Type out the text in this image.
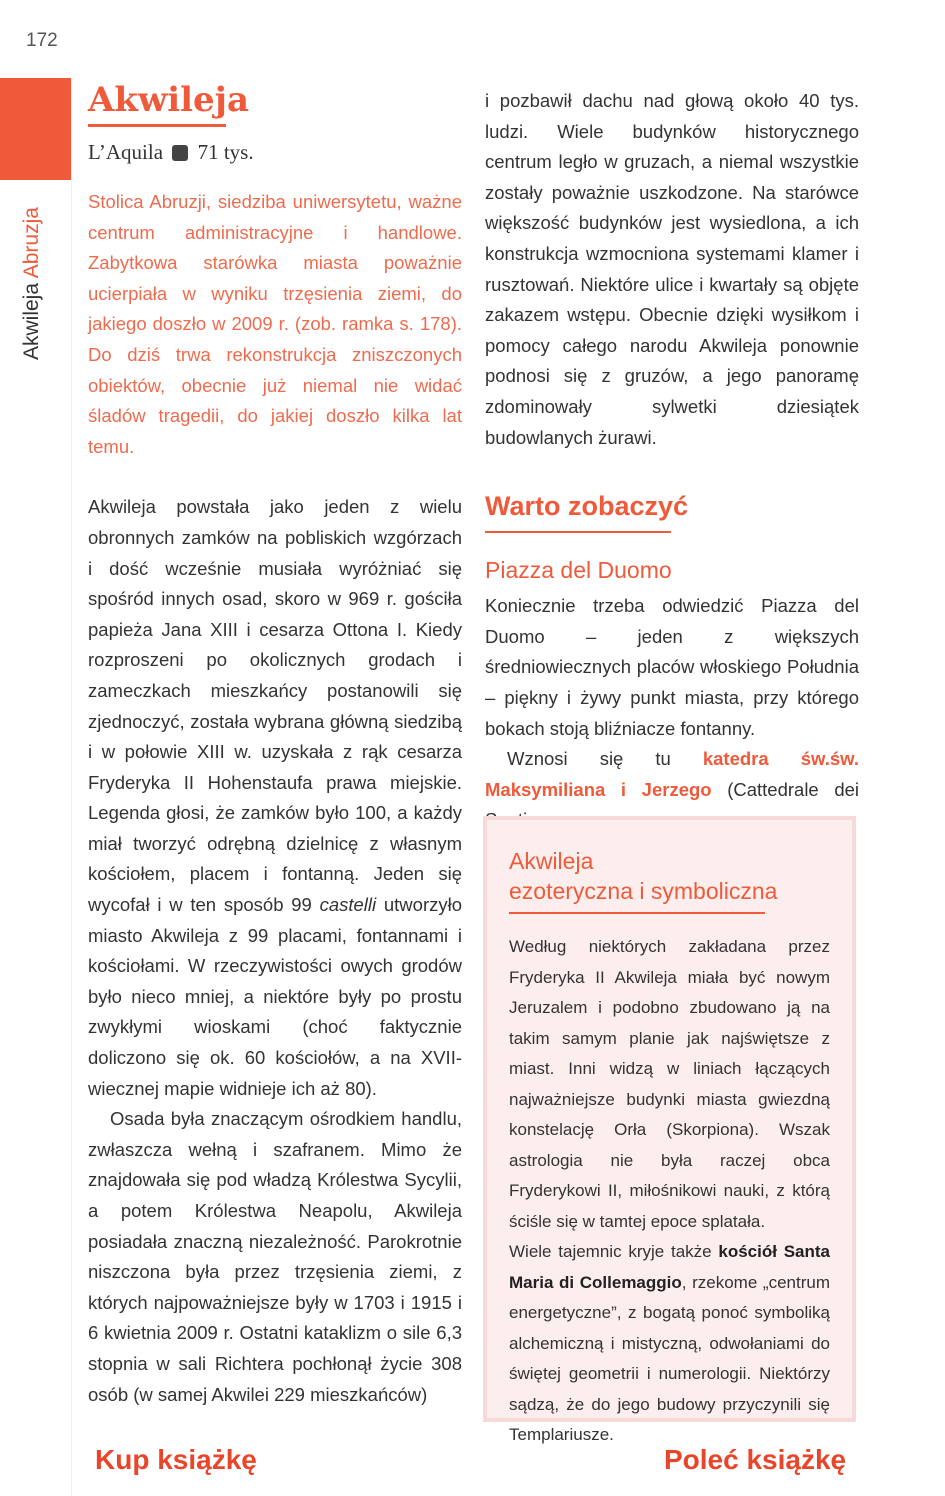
172
Akwileja Abruzja
Akwileja

L’Aquila 71 tys.

Stolica Abruzji, siedziba uniwersytetu, ważne centrum administracyjne i handlowe. Zabytkowa starówka miasta poważnie ucierpiała w wyniku trzęsienia ziemi, do jakiego doszło w 2009 r. (zob. ramka s. 178). Do dziś trwa rekonstrukcja zniszczonych obiektów, obecnie już niemal nie widać śladów tragedii, do jakiej doszło kilka lat temu.

Akwileja powstała jako jeden z wielu obronnych zamków na pobliskich wzgórzach i dość wcześnie musiała wyróżniać się spośród innych osad, skoro w 969 r. gościła papieża Jana XIII i cesarza Ottona I. Kiedy rozproszeni po okolicznych grodach i zameczkach mieszkańcy postanowili się zjednoczyć, została wybrana główną siedzibą i w połowie XIII w. uzyskała z rąk cesarza Fryderyka II Hohenstaufa prawa miejskie. Legenda głosi, że zamków było 100, a każdy miał tworzyć odrębną dzielnicę z własnym kościołem, placem i fontanną. Jeden się wycofał i w ten sposób 99 castelli utworzyło miasto Akwileja z 99 placami, fontannami i kościołami. W rzeczywistości owych grodów było nieco mniej, a niektóre były po prostu zwykłymi wioskami (choć faktycznie doliczono się ok. 60 kościołów, a na XVII-wiecznej mapie widnieje ich aż 80).

Osada była znaczącym ośrodkiem handlu, zwłaszcza wełną i szafranem. Mimo że znajdowała się pod władzą Królestwa Sycylii, a potem Królestwa Neapolu, Akwileja posiadała znaczną niezależność. Parokrotnie niszczona była przez trzęsienia ziemi, z których najpoważniejsze były w 1703 i 1915 i 6 kwietnia 2009 r. Ostatni kataklizm o sile 6,3 stopnia w sali Richtera pochłonął życie 308 osób (w samej Akwilei 229 mieszkańców)

i pozbawił dachu nad głową około 40 tys. ludzi. Wiele budynków historycznego centrum legło w gruzach, a niemal wszystkie zostały poważnie uszkodzone. Na starówce większość budynków jest wysiedlona, a ich konstrukcja wzmocniona systemami klamer i rusztowań. Niektóre ulice i kwartały są objęte zakazem wstępu. Obecnie dzięki wysiłkom i pomocy całego narodu Akwileja ponownie podnosi się z gruzów, a jego panoramę zdominowały sylwetki dziesiątek budowlanych żurawi.

Warto zobaczyć
Piazza del Duomo

Koniecznie trzeba odwiedzić Piazza del Duomo – jeden z większych średniowiecznych placów włoskiego Południa – piękny i żywy punkt miasta, przy którego bokach stoją bliźniacze fontanny.

Wznosi się tu katedra św.św. Maksymiliana i Jerzego (Cattedrale dei

Akwileja
ezoteryczna i symboliczna

Według niektórych zakładana przez Fryderyka II Akwileja miała być nowym Jeruzalem i podobno zbudowano ją na takim samym planie jak najświętsze z miast. Inni widzą w liniach łączących najważniejsze budynki miasta gwiezdną konstelację Orła (Skorpiona). Wszak astrologia nie była raczej obca Fryderykowi II, miłośnikowi nauki, z którą ściśle się w tamtej epoce splatała.

Wiele tajemnic kryje także kościół Santa Maria di Collemaggio, rzekome „centrum energetyczne”, z bogatą ponoć symboliką alchemiczną i mistyczną, odwołaniami do świętej geometrii i numerologii. Niektórzy sądzą, że do jego budowy przyczynili się Templariusze.

Kup książkę	Poleć książkę
